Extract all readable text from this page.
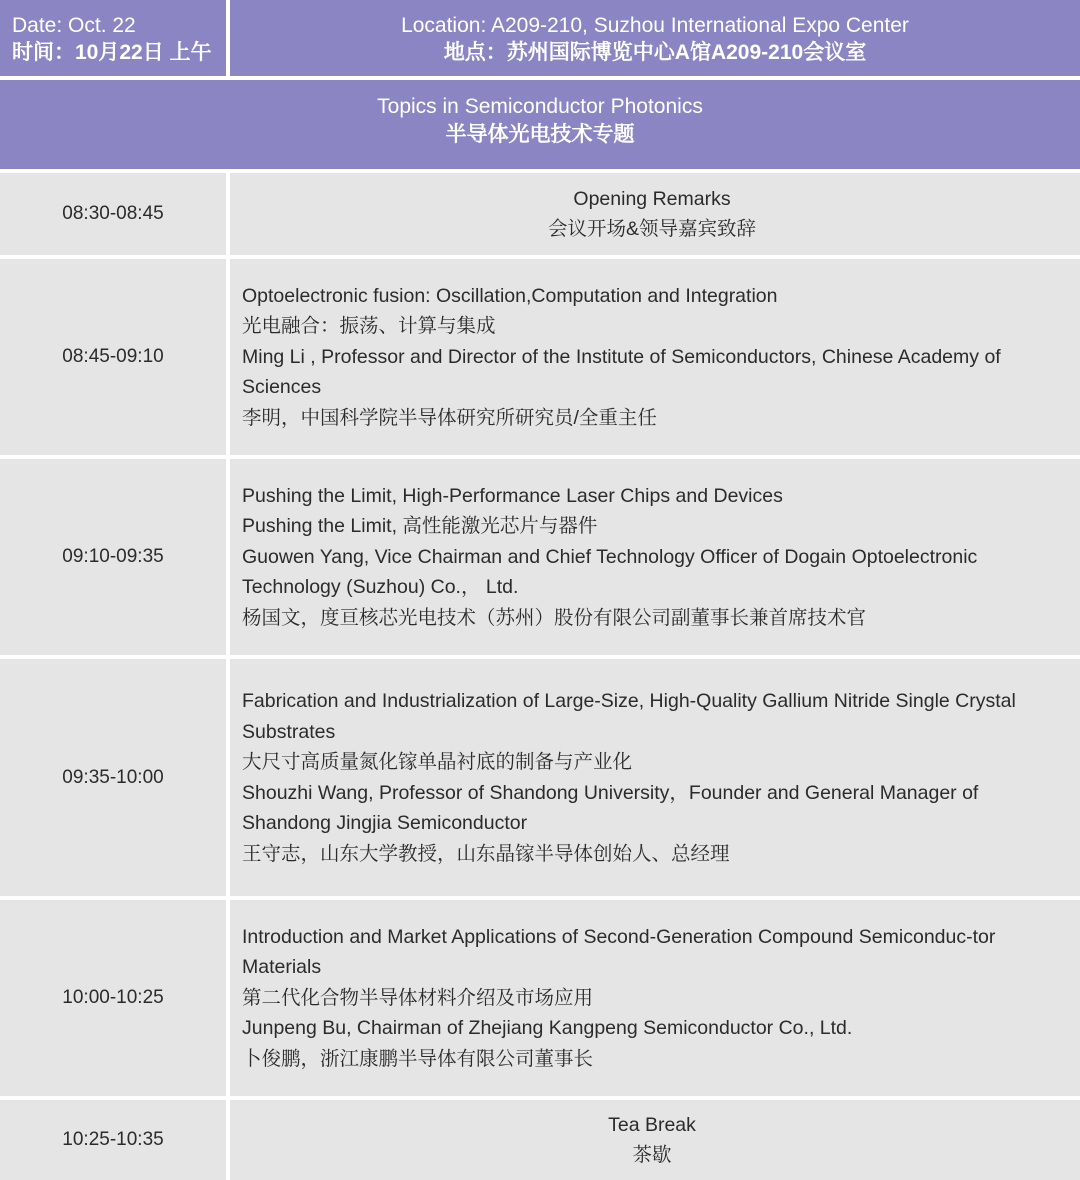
Date: Oct. 22
时间：10月22日 上午
Location: A209-210, Suzhou International Expo Center
地点：苏州国际博览中心A馆A209-210会议室
Topics in Semiconductor Photonics
半导体光电技术专题
08:30-08:45
Opening Remarks
会议开场&领导嘉宾致辞
08:45-09:10
Optoelectronic fusion: Oscillation,Computation and Integration
光电融合：振荡、计算与集成
Ming Li , Professor and Director of the Institute of Semiconductors, Chinese Academy of Sciences
李明，中国科学院半导体研究所研究员/全重主任
09:10-09:35
Pushing the Limit, High-Performance Laser Chips and Devices
Pushing the Limit, 高性能激光芯片与器件
Guowen Yang, Vice Chairman and Chief Technology Officer of Dogain Optoelectronic Technology (Suzhou) Co.， Ltd.
杨国文，度亘核芯光电技术（苏州）股份有限公司副董事长兼首席技术官
09:35-10:00
Fabrication and Industrialization of Large-Size, High-Quality Gallium Nitride Single Crystal Substrates
大尺寸高质量氮化镓单晶衬底的制备与产业化
Shouzhi Wang, Professor of Shandong University，Founder and General Manager of Shandong Jingjia Semiconductor
王守志，山东大学教授，山东晶镓半导体创始人、总经理
10:00-10:25
Introduction and Market Applications of Second-Generation Compound Semiconduc-tor Materials
第二代化合物半导体材料介绍及市场应用
Junpeng Bu, Chairman of Zhejiang Kangpeng Semiconductor Co., Ltd.
卜俊鹏，浙江康鹏半导体有限公司董事长
10:25-10:35
Tea Break
茶歇
